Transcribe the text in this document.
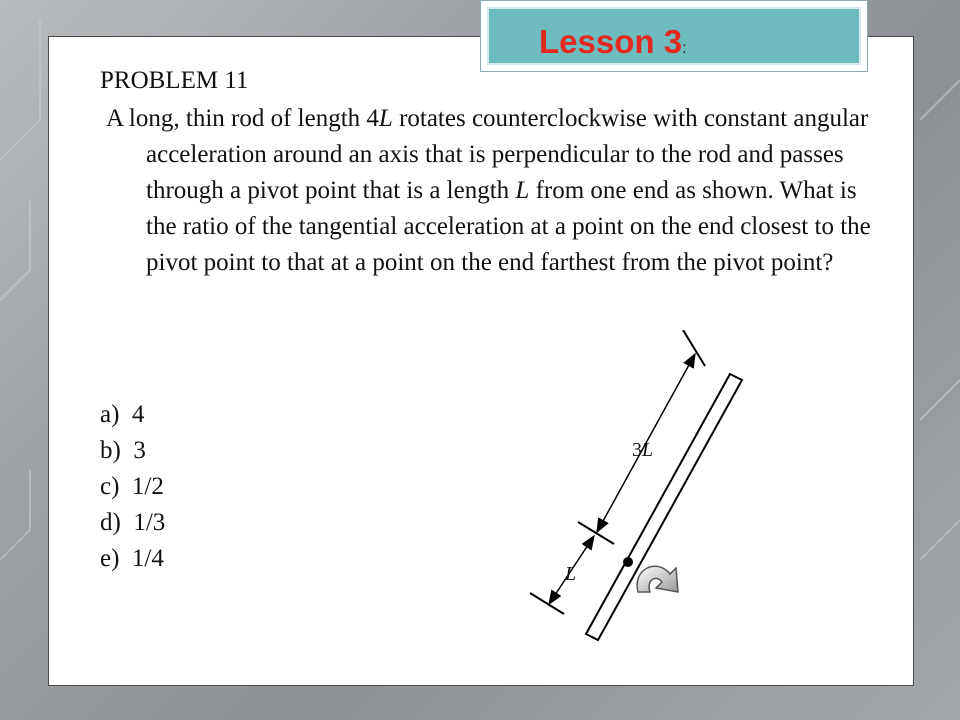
Lesson 3:
PROBLEM 11

A long, thin rod of length 4L rotates counterclockwise with constant angular acceleration around an axis that is perpendicular to the rod and passes through a pivot point that is a length L from one end as shown. What is the ratio of the tangential acceleration at a point on the end closest to the pivot point to that at a point on the end farthest from the pivot point?

a) 4
b) 3
c) 1/2
d) 1/3
e) 1/4
3L
L
